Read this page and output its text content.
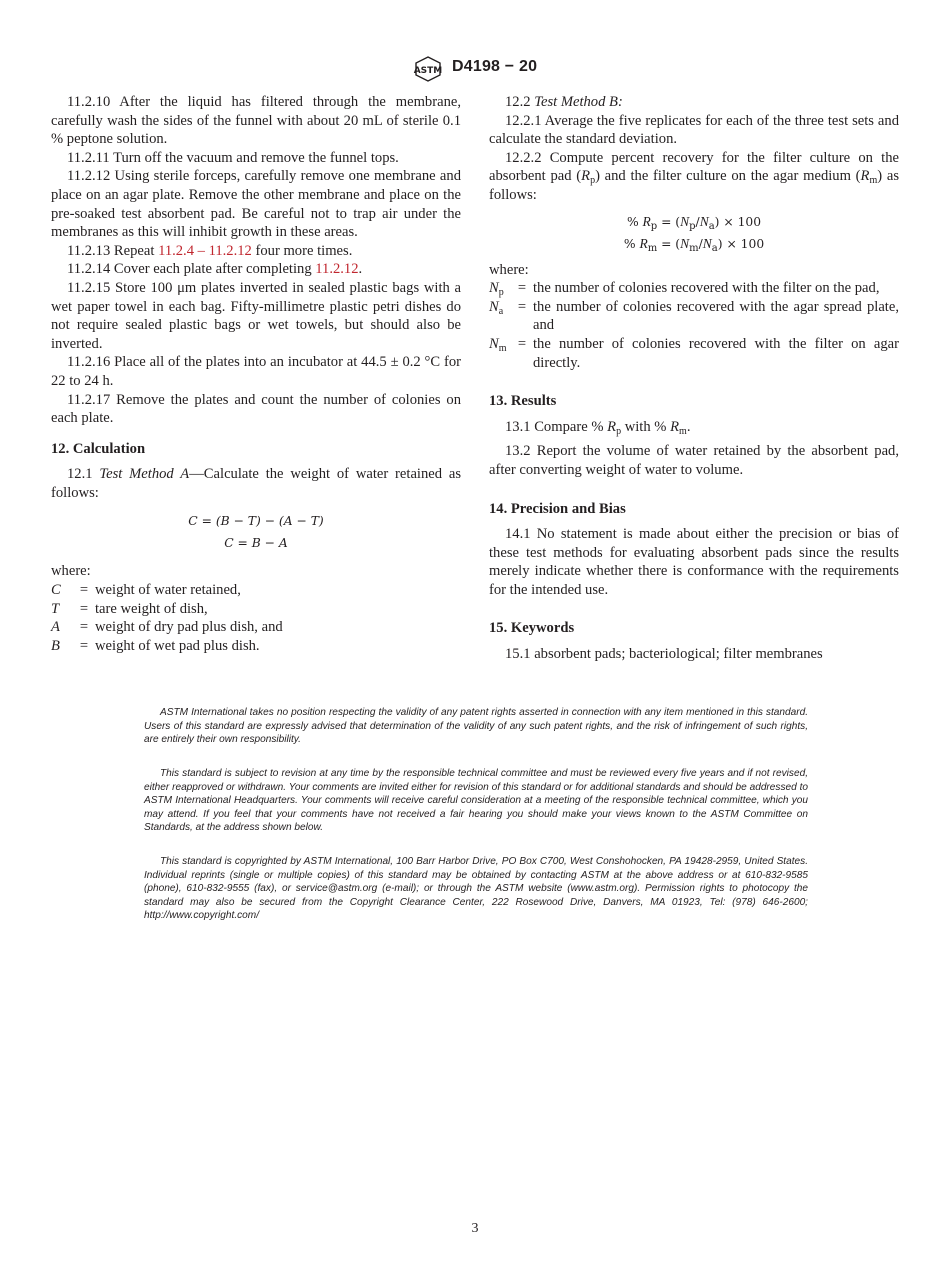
ASTM D4198 − 20

11.2.10 After the liquid has filtered through the membrane, carefully wash the sides of the funnel with about 20 mL of sterile 0.1 % peptone solution.

11.2.11 Turn off the vacuum and remove the funnel tops.

11.2.12 Using sterile forceps, carefully remove one membrane and place on an agar plate. Remove the other membrane and place on the pre-soaked test absorbent pad. Be careful not to trap air under the membranes as this will inhibit growth in these areas.

11.2.13 Repeat 11.2.4 – 11.2.12 four more times.

11.2.14 Cover each plate after completing 11.2.12.

11.2.15 Store 100 μm plates inverted in sealed plastic bags with a wet paper towel in each bag. Fifty-millimetre plastic petri dishes do not require sealed plastic bags or wet towels, but should also be inverted.

11.2.16 Place all of the plates into an incubator at 44.5 ± 0.2 °C for 22 to 24 h.

11.2.17 Remove the plates and count the number of colonies on each plate.

12. Calculation

12.1 Test Method A—Calculate the weight of water retained as follows:

C = (B − T) − (A − T)
C = B − A

where:

C	=	weight of water retained,
T	=	tare weight of dish,
A	=	weight of dry pad plus dish, and
B	=	weight of wet pad plus dish.

12.2 Test Method B:

12.2.1 Average the five replicates for each of the three test sets and calculate the standard deviation.

12.2.2 Compute percent recovery for the filter culture on the absorbent pad $(R_p)$ and the filter culture on the agar medium $(R_m)$ as follows:

% $R_p = (N_p/N_a) \times 100$
% $R_m = (N_m/N_a) \times 100$

where:

$N_p$	=	the number of colonies recovered with the filter on the pad,
$N_a$	=	the number of colonies recovered with the agar spread plate, and
$N_m$	=	the number of colonies recovered with the filter on agar directly.

13. Results

13.1 Compare % $R_p$ with % $R_m$.

13.2 Report the volume of water retained by the absorbent pad, after converting weight of water to volume.

14. Precision and Bias

14.1 No statement is made about either the precision or bias of these test methods for evaluating absorbent pads since the results merely indicate whether there is conformance with the requirements for the intended use.

15. Keywords

15.1 absorbent pads; bacteriological; filter membranes

ASTM International takes no position respecting the validity of any patent rights asserted in connection with any item mentioned in this standard. Users of this standard are expressly advised that determination of the validity of any such patent rights, and the risk of infringement of such rights, are entirely their own responsibility.

This standard is subject to revision at any time by the responsible technical committee and must be reviewed every five years and if not revised, either reapproved or withdrawn. Your comments are invited either for revision of this standard or for additional standards and should be addressed to ASTM International Headquarters. Your comments will receive careful consideration at a meeting of the responsible technical committee, which you may attend. If you feel that your comments have not received a fair hearing you should make your views known to the ASTM Committee on Standards, at the address shown below.

This standard is copyrighted by ASTM International, 100 Barr Harbor Drive, PO Box C700, West Conshohocken, PA 19428-2959, United States. Individual reprints (single or multiple copies) of this standard may be obtained by contacting ASTM at the above address or at 610-832-9585 (phone), 610-832-9555 (fax), or service@astm.org (e-mail); or through the ASTM website (www.astm.org). Permission rights to photocopy the standard may also be secured from the Copyright Clearance Center, 222 Rosewood Drive, Danvers, MA 01923, Tel: (978) 646-2600; http://www.copyright.com/

3
